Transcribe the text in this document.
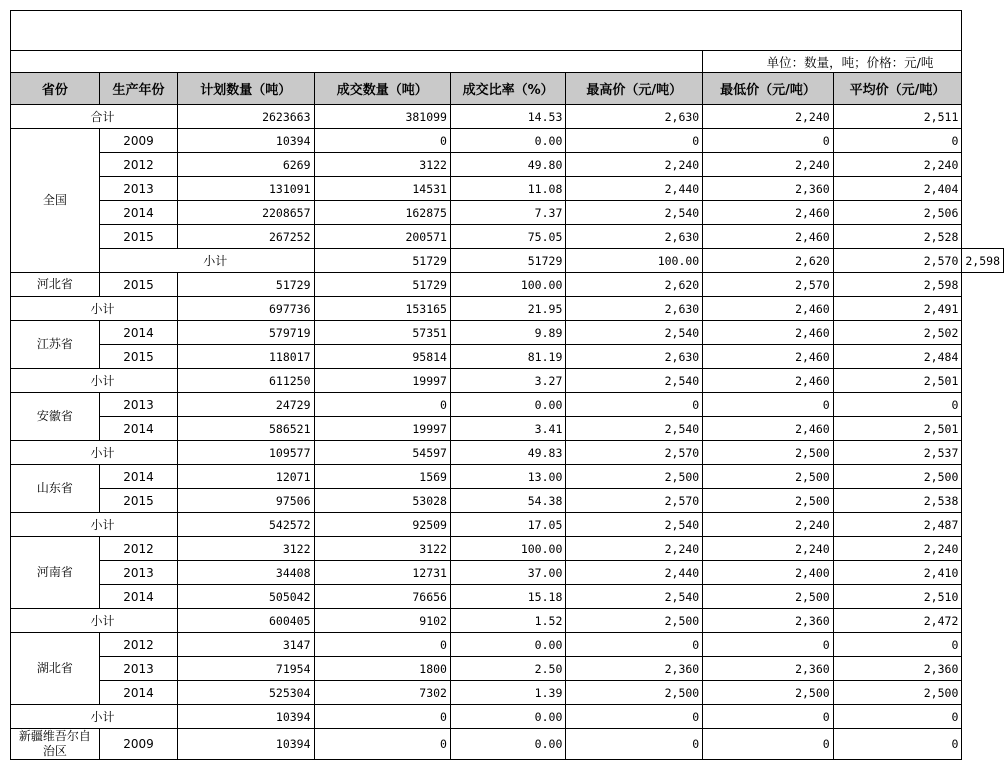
						单位：数量，吨；价格：元/吨		
省份	生产年份	计划数量（吨）	成交数量（吨）	成交比率（%）	最高价（元/吨）	最低价（元/吨）	平均价（元/吨）	
合计		2623663	381099	14.53	2,630	2,240	2,511	
全国	2009	10394	0	0.00	0	0	0	
	2012	6269	3122	49.80	2,240	2,240	2,240	
	2013	131091	14531	11.08	2,440	2,360	2,404	
	2014	2208657	162875	7.37	2,540	2,460	2,506	
	2015	267252	200571	75.05	2,630	2,460	2,528	
	小计		51729	51729	100.00	2,620	2,570	2,598
河北省	2015	51729	51729	100.00	2,620	2,570	2,598	
小计		697736	153165	21.95	2,630	2,460	2,491	
江苏省	2014	579719	57351	9.89	2,540	2,460	2,502	
	2015	118017	95814	81.19	2,630	2,460	2,484	
小计		611250	19997	3.27	2,540	2,460	2,501	
安徽省	2013	24729	0	0.00	0	0	0	
	2014	586521	19997	3.41	2,540	2,460	2,501	
小计		109577	54597	49.83	2,570	2,500	2,537	
山东省	2014	12071	1569	13.00	2,500	2,500	2,500	
	2015	97506	53028	54.38	2,570	2,500	2,538	
小计		542572	92509	17.05	2,540	2,240	2,487	
河南省	2012	3122	3122	100.00	2,240	2,240	2,240	
	2013	34408	12731	37.00	2,440	2,400	2,410	
	2014	505042	76656	15.18	2,540	2,500	2,510	
小计		600405	9102	1.52	2,500	2,360	2,472	
湖北省	2012	3147	0	0.00	0	0	0	
	2013	71954	1800	2.50	2,360	2,360	2,360	
	2014	525304	7302	1.39	2,500	2,500	2,500	
小计		10394	0	0.00	0	0	0	
新疆维吾尔自治区	2009	10394	0	0.00	0	0	0	
